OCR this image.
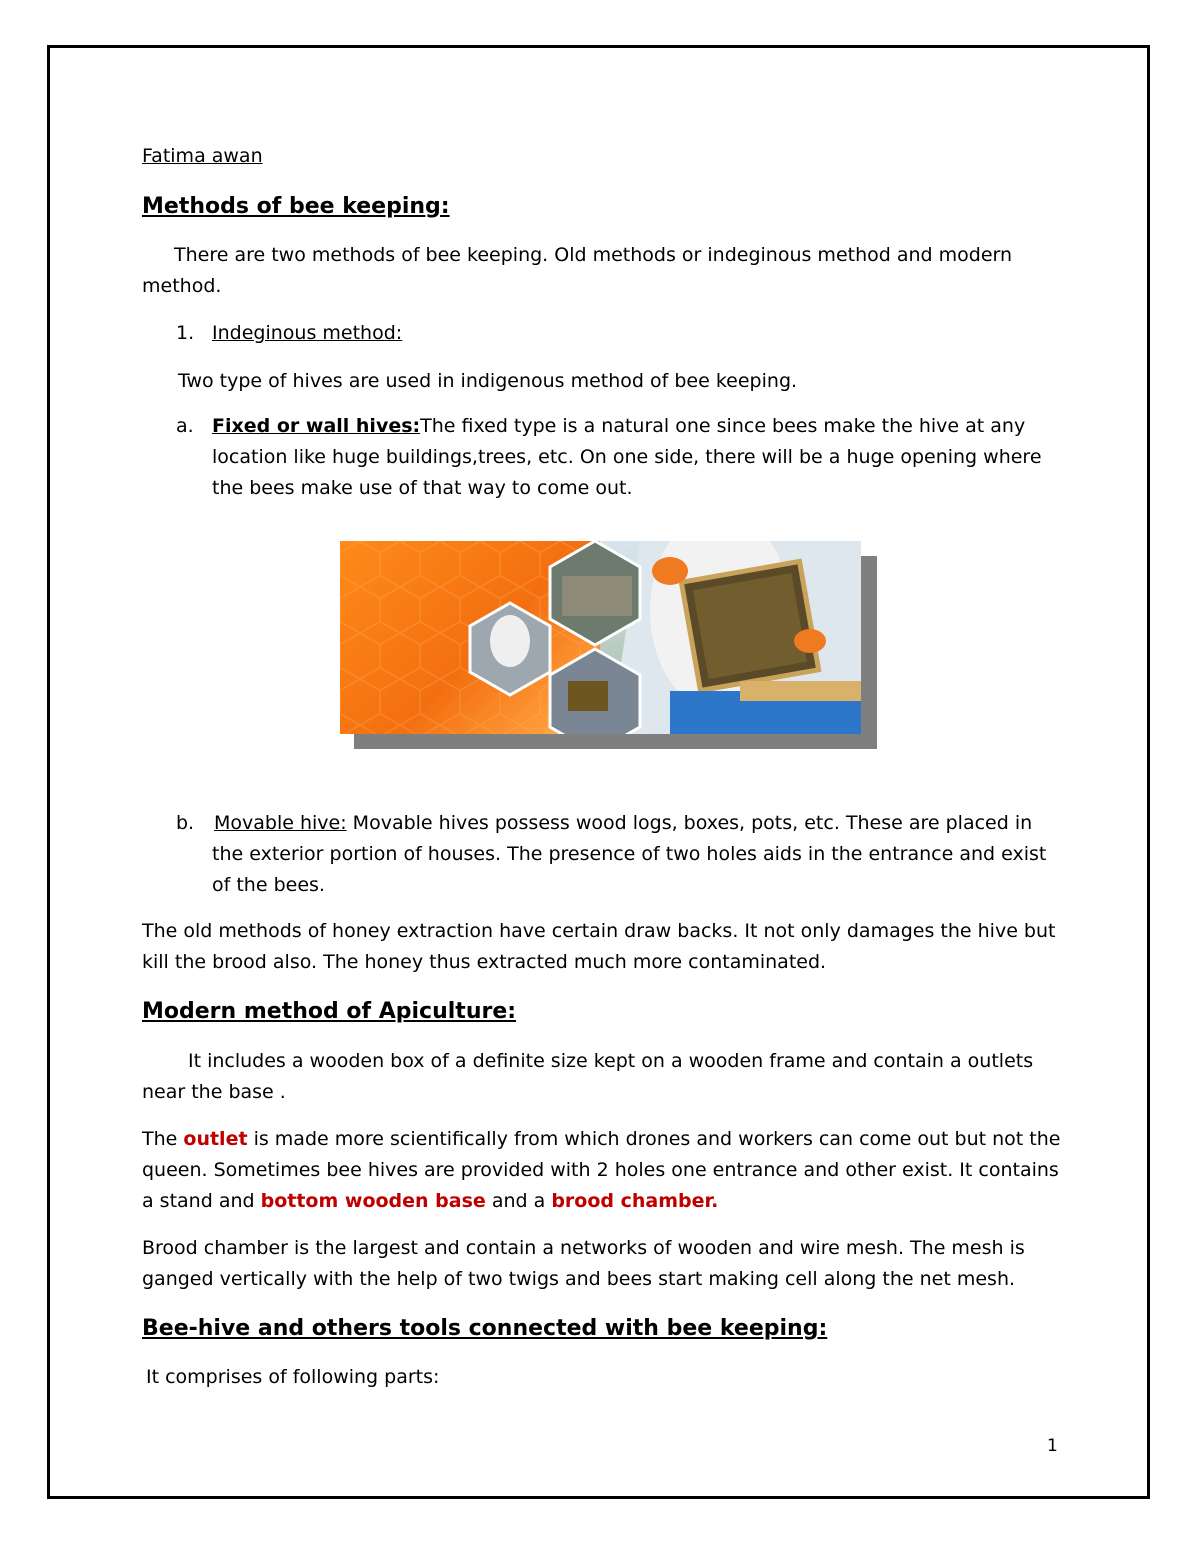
Fatima awan
Methods of bee keeping:
There are two methods of bee keeping. Old methods or indeginous method and modern
method.
1. Indeginous method:
Two type of hives are used in indigenous method of bee keeping.
a. Fixed or wall hives:The fixed type is a natural one since bees make the hive at any
location like huge buildings,trees, etc. On one side, there will be a huge opening where
the bees make use of that way to come out.
b. Movable hive: Movable hives possess wood logs, boxes, pots, etc. These are placed in
the exterior portion of houses. The presence of two holes aids in the entrance and exist
of the bees.
The old methods of honey extraction have certain draw backs. It not only damages the hive but
kill the brood also. The honey thus extracted much more contaminated.
Modern method of Apiculture:
It includes a wooden box of a definite size kept on a wooden frame and contain a outlets
near the base .
The outlet is made more scientifically from which drones and workers can come out but not the
queen. Sometimes bee hives are provided with 2 holes one entrance and other exist. It contains
a stand and bottom wooden base and a brood chamber.
Brood chamber is the largest and contain a networks of wooden and wire mesh. The mesh is
ganged vertically with the help of two twigs and bees start making cell along the net mesh.
Bee-hive and others tools connected with bee keeping:
It comprises of following parts:
1
